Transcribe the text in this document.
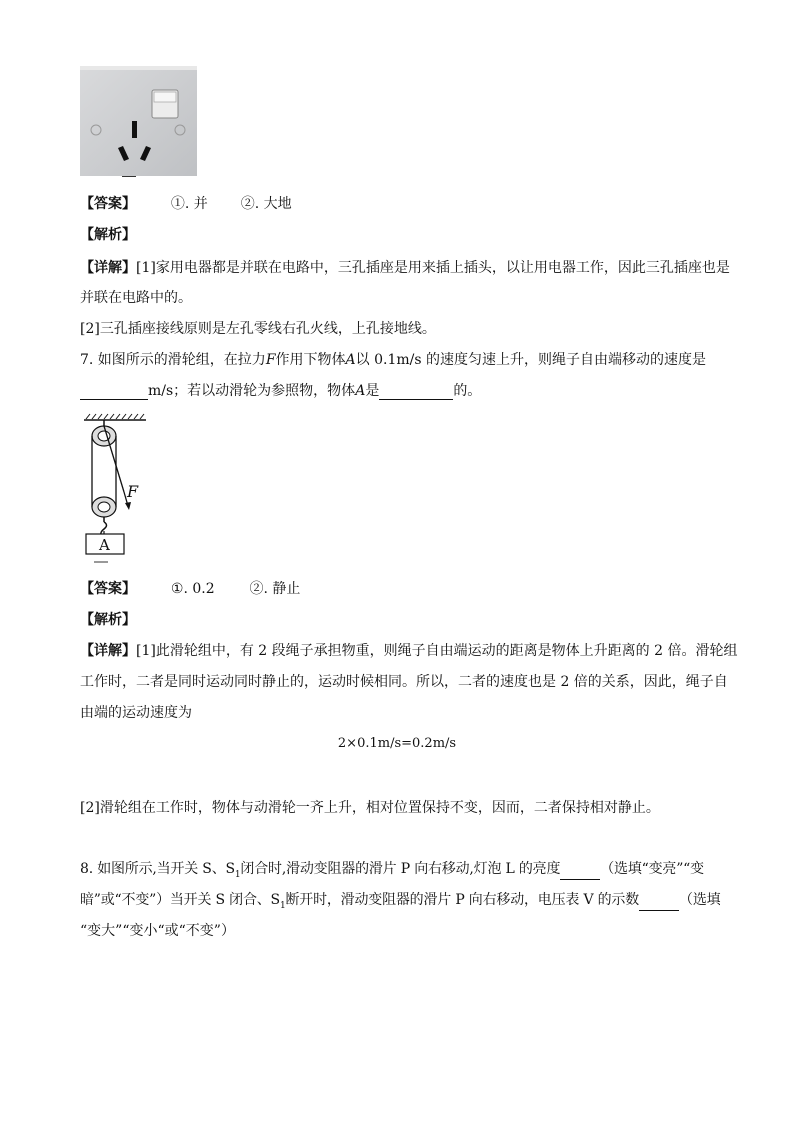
【答案】 ①. 并 ②. 大地
【解析】
【详解】[1]家用电器都是并联在电路中，三孔插座是用来插上插头，以让用电器工作，因此三孔插座也是
并联在电路中的。
[2]三孔插座接线原则是左孔零线右孔火线，上孔接地线。
7. 如图所示的滑轮组，在拉力F作用下物体A以 0.1m/s 的速度匀速上升，则绳子自由端移动的速度是
m/s；若以动滑轮为参照物，物体A是	的。
F
A
【答案】 ①. 0.2 ②. 静止
【解析】
【详解】[1]此滑轮组中，有 2 段绳子承担物重，则绳子自由端运动的距离是物体上升距离的 2 倍。滑轮组
工作时，二者是同时运动同时静止的，运动时候相同。所以，二者的速度也是 2 倍的关系，因此，绳子自
由端的运动速度为
2×0.1m/s=0.2m/s
[2]滑轮组在工作时，物体与动滑轮一齐上升，相对位置保持不变，因而，二者保持相对静止。
8. 如图所示,当开关 S、$S_1$闭合时,滑动变阻器的滑片 P 向右移动,灯泡 L 的亮度	（选填“变亮”“变
暗”或“不变”）当开关 S 闭合、$S_1$断开时，滑动变阻器的滑片 P 向右移动，电压表 V 的示数	（选填
“变大”“变小“或“不变”）
